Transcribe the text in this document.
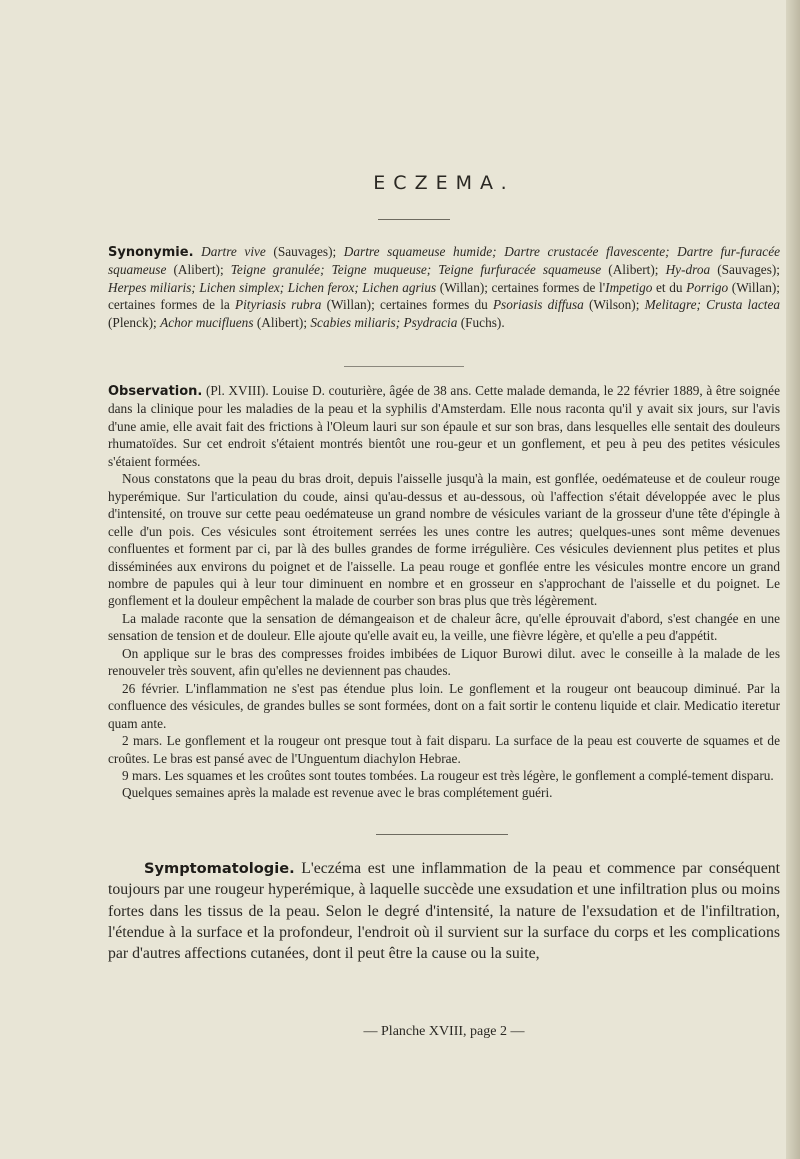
ECZEMA.

Synonymie. Dartre vive (Sauvages); Dartre squameuse humide; Dartre crustacée flavescente; Dartre fur-furacée squameuse (Alibert); Teigne granulée; Teigne muqueuse; Teigne furfuracée squameuse (Alibert); Hy-droa (Sauvages); Herpes miliaris; Lichen simplex; Lichen ferox; Lichen agrius (Willan); certaines formes de l'Impetigo et du Porrigo (Willan); certaines formes de la Pityriasis rubra (Willan); certaines formes du Psoriasis diffusa (Wilson); Melitagre; Crusta lactea (Plenck); Achor mucifluens (Alibert); Scabies miliaris; Psydracia (Fuchs).

Observation. (Pl. XVIII). Louise D. couturière, âgée de 38 ans. Cette malade demanda, le 22 février 1889, à être soignée dans la clinique pour les maladies de la peau et la syphilis d'Amsterdam. Elle nous raconta qu'il y avait six jours, sur l'avis d'une amie, elle avait fait des frictions à l'Oleum lauri sur son épaule et sur son bras, dans lesquelles elle sentait des douleurs rhumatoïdes. Sur cet endroit s'étaient montrés bientôt une rou-geur et un gonflement, et peu à peu des petites vésicules s'étaient formées.

Nous constatons que la peau du bras droit, depuis l'aisselle jusqu'à la main, est gonflée, oedémateuse et de couleur rouge hyperémique. Sur l'articulation du coude, ainsi qu'au-dessus et au-dessous, où l'affection s'était développée avec le plus d'intensité, on trouve sur cette peau oedémateuse un grand nombre de vésicules variant de la grosseur d'une tête d'épingle à celle d'un pois. Ces vésicules sont étroitement serrées les unes contre les autres; quelques-unes sont même devenues confluentes et forment par ci, par là des bulles grandes de forme irrégulière. Ces vésicules deviennent plus petites et plus disséminées aux environs du poignet et de l'aisselle. La peau rouge et gonflée entre les vésicules montre encore un grand nombre de papules qui à leur tour diminuent en nombre et en grosseur en s'approchant de l'aisselle et du poignet. Le gonflement et la douleur empêchent la malade de courber son bras plus que très légèrement.

La malade raconte que la sensation de démangeaison et de chaleur âcre, qu'elle éprouvait d'abord, s'est changée en une sensation de tension et de douleur. Elle ajoute qu'elle avait eu, la veille, une fièvre légère, et qu'elle a peu d'appétit.

On applique sur le bras des compresses froides imbibées de Liquor Burowi dilut. avec le conseille à la malade de les renouveler très souvent, afin qu'elles ne deviennent pas chaudes.

26 février. L'inflammation ne s'est pas étendue plus loin. Le gonflement et la rougeur ont beaucoup diminué. Par la confluence des vésicules, de grandes bulles se sont formées, dont on a fait sortir le contenu liquide et clair. Medicatio iteretur quam ante.

2 mars. Le gonflement et la rougeur ont presque tout à fait disparu. La surface de la peau est couverte de squames et de croûtes. Le bras est pansé avec de l'Unguentum diachylon Hebrae.

9 mars. Les squames et les croûtes sont toutes tombées. La rougeur est très légère, le gonflement a complé-tement disparu.

Quelques semaines après la malade est revenue avec le bras complétement guéri.

Symptomatologie. L'eczéma est une inflammation de la peau et commence par conséquent toujours par une rougeur hyperémique, à laquelle succède une exsudation et une infiltration plus ou moins fortes dans les tissus de la peau. Selon le degré d'intensité, la nature de l'exsudation et de l'infiltration, l'étendue à la surface et la profondeur, l'endroit où il survient sur la surface du corps et les complications par d'autres affections cutanées, dont il peut être la cause ou la suite,

— Planche XVIII, page 2 —
